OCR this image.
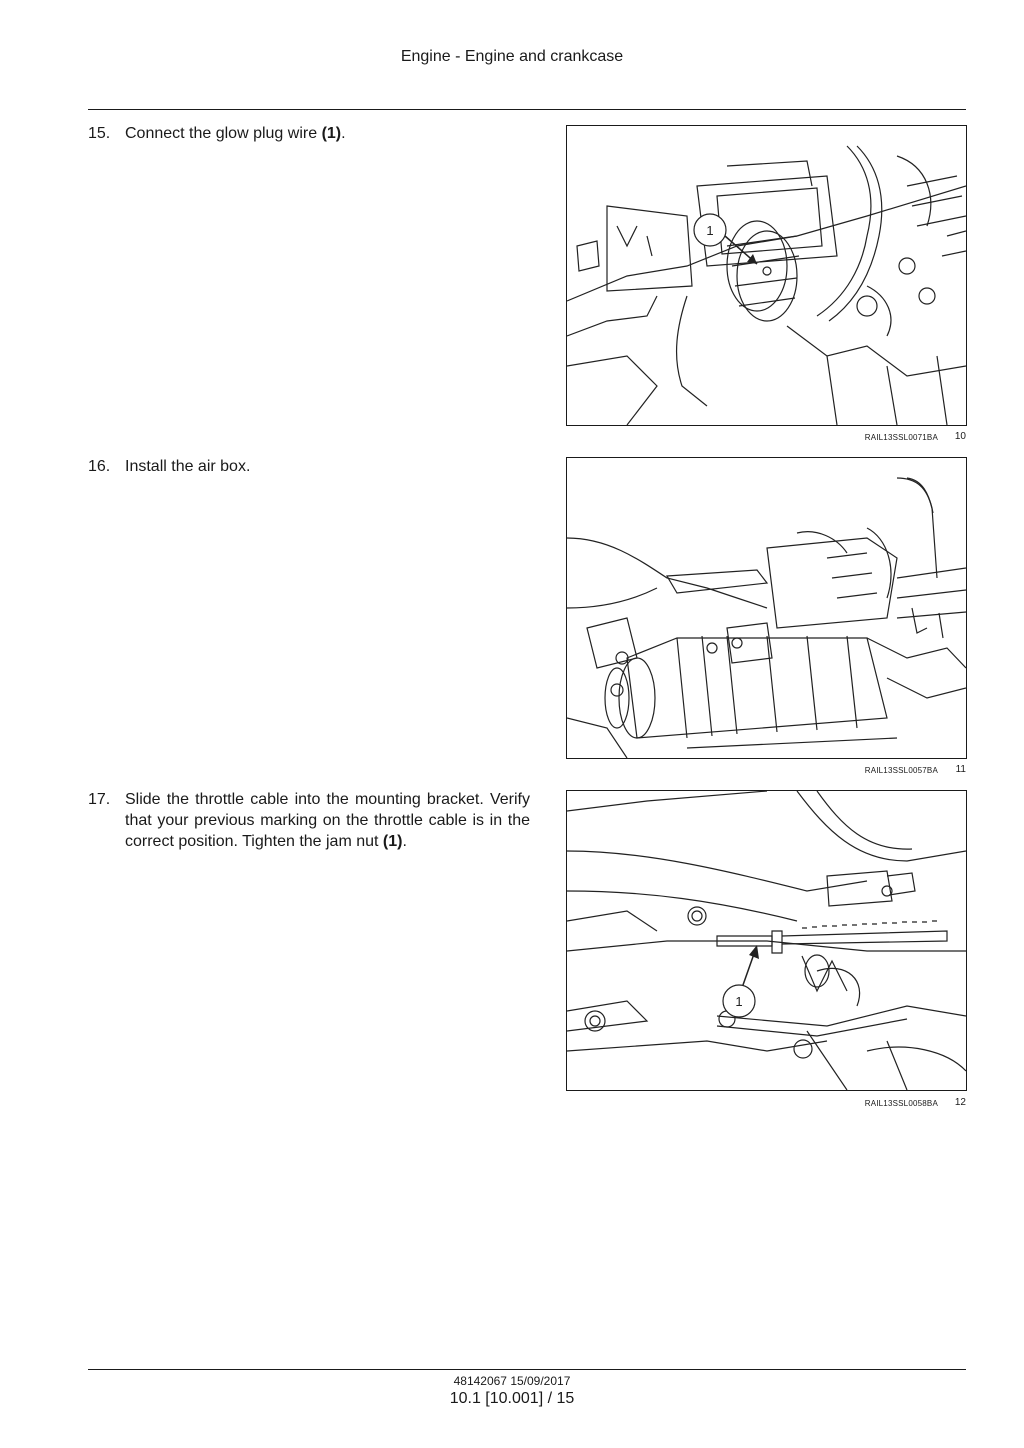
Engine - Engine and crankcase
15. Connect the glow plug wire (1).
1
RAIL13SSL0071BA 10
16. Install the air box.
RAIL13SSL0057BA 11
17. Slide the throttle cable into the mounting bracket. Verify that your previous marking on the throttle cable is in the correct position. Tighten the jam nut (1).
1
RAIL13SSL0058BA 12
48142067 15/09/2017
10.1 [10.001] / 15
